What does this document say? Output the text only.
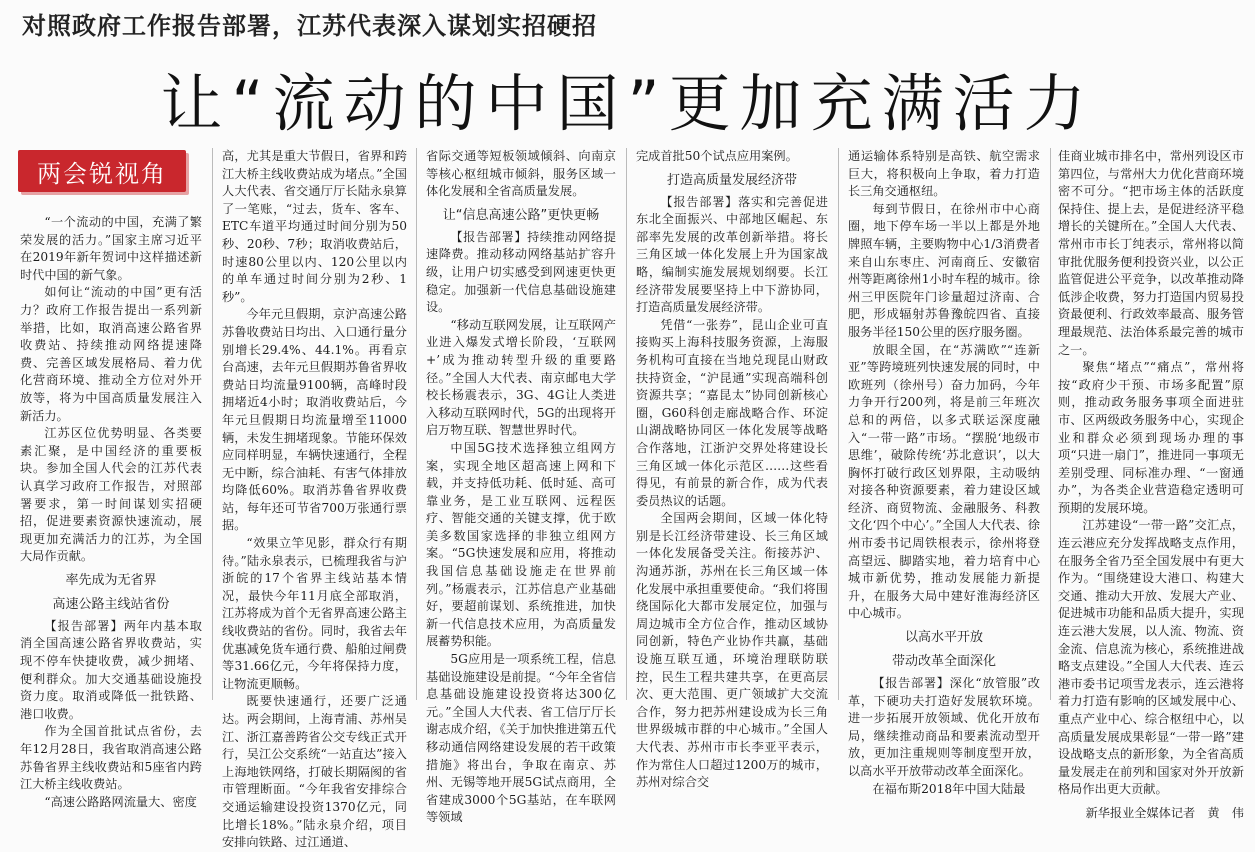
对照政府工作报告部署，江苏代表深入谋划实招硬招
让“流动的中国”更加充满活力
两会锐视角

“一个流动的中国，充满了繁荣发展的活力。”国家主席习近平在2019年新年贺词中这样描述新时代中国的新气象。

如何让“流动的中国”更有活力？政府工作报告提出一系列新举措，比如，取消高速公路省界收费站、持续推动网络提速降费、完善区域发展格局、着力优化营商环境、推动全方位对外开放等，将为中国高质量发展注入新活力。

江苏区位优势明显、各类要素汇聚，是中国经济的重要板块。参加全国人代会的江苏代表认真学习政府工作报告，对照部署要求，第一时间谋划实招硬招，促进要素资源快速流动，展现更加充满活力的江苏，为全国大局作贡献。

率先成为无省界
高速公路主线站省份

【报告部署】两年内基本取消全国高速公路省界收费站，实现不停车快捷收费，减少拥堵、便利群众。加大交通基础设施投资力度。取消或降低一批铁路、港口收费。

作为全国首批试点省份，去年12月28日，我省取消高速公路苏鲁省界主线收费站和5座省内跨江大桥主线收费站。

“高速公路路网流量大、密度

高，尤其是重大节假日，省界和跨江大桥主线收费站成为堵点。”全国人大代表、省交通厅厅长陆永泉算了一笔账，“过去，货车、客车、ETC车道平均通过时间分别为50秒、20秒、7秒；取消收费站后，时速80公里以内、120公里以内的单车通过时间分别为2秒、1秒”。

今年元旦假期，京沪高速公路苏鲁收费站日均出、入口通行量分别增长29.4%、44.1%。再看京台高速，去年元旦假期苏鲁省界收费站日均流量9100辆，高峰时段拥堵近4小时；取消收费站后，今年元旦假期日均流量增至11000辆，未发生拥堵现象。节能环保效应同样明显，车辆快速通行，全程无中断，综合油耗、有害气体排放均降低60%。取消苏鲁省界收费站，每年还可节省700万张通行票据。

“效果立竿见影，群众行有期待。”陆永泉表示，已梳理我省与沪浙皖的17个省界主线站基本情况，最快今年11月底全部取消，江苏将成为首个无省界高速公路主线收费站的省份。同时，我省去年优惠减免货车通行费、船舶过闸费等31.66亿元，今年将保持力度，让物流更顺畅。

既要快速通行，还要广泛通达。两会期间，上海青浦、苏州吴江、浙江嘉善跨省公交专线正式开行，吴江公交系统“一站直达”接入上海地铁网络，打破长期隔阂的省市管理断面。“今年我省安排综合交通运输建设投资1370亿元，同比增长18%。”陆永泉介绍，项目安排向铁路、过江通道、

省际交通等短板领域倾斜、向南京等核心枢纽城市倾斜，服务区域一体化发展和全省高质量发展。

让“信息高速公路”更快更畅

【报告部署】持续推动网络提速降费。推动移动网络基站扩容升级，让用户切实感受到网速更快更稳定。加强新一代信息基础设施建设。

“移动互联网发展，让互联网产业进入爆发式增长阶段，‘互联网+’成为推动转型升级的重要路径。”全国人大代表、南京邮电大学校长杨震表示，3G、4G让人类进入移动互联网时代，5G的出现将开启万物互联、智慧世界时代。

中国5G技术选择独立组网方案，实现全地区超高速上网和下载，并支持低功耗、低时延、高可靠业务，是工业互联网、远程医疗、智能交通的关键支撑，优于欧美多数国家选择的非独立组网方案。“5G快速发展和应用，将推动我国信息基础设施走在世界前列。”杨震表示，江苏信息产业基础好，要超前谋划、系统推进，加快新一代信息技术应用，为高质量发展蓄势积能。

5G应用是一项系统工程，信息基础设施建设是前提。“今年全省信息基础设施建设投资将达300亿元。”全国人大代表、省工信厅厅长谢志成介绍，《关于加快推进第五代移动通信网络建设发展的若干政策措施》将出台，争取在南京、苏州、无锡等地开展5G试点商用，全省建成3000个5G基站，在车联网等领域

完成首批50个试点应用案例。

打造高质量发展经济带

【报告部署】落实和完善促进东北全面振兴、中部地区崛起、东部率先发展的改革创新举措。将长三角区域一体化发展上升为国家战略，编制实施发展规划纲要。长江经济带发展要坚持上中下游协同，打造高质量发展经济带。

凭借“一张券”，昆山企业可直接购买上海科技服务资源，上海服务机构可直接在当地兑现昆山财政扶持资金，“沪昆通”实现高端科创资源共享；“嘉昆太”协同创新核心圈，G60科创走廊战略合作、环淀山湖战略协同区一体化发展等战略合作落地，江浙沪交界处将建设长三角区域一体化示范区……这些看得见，有前景的新合作，成为代表委员热议的话题。

全国两会期间，区域一体化特别是长江经济带建设、长三角区域一体化发展备受关注。衔接苏沪、沟通苏浙，苏州在长三角区域一体化发展中承担重要使命。“我们将围绕国际化大都市发展定位，加强与周边城市全方位合作，推动区域协同创新，特色产业协作共赢，基础设施互联互通，环境治理联防联控，民生工程共建共享，在更高层次、更大范围、更广领域扩大交流合作，努力把苏州建设成为长三角世界级城市群的中心城市。”全国人大代表、苏州市市长李亚平表示，作为常住人口超过1200万的城市，苏州对综合交

通运输体系特别是高铁、航空需求巨大，将积极向上争取，着力打造长三角交通枢纽。

每到节假日，在徐州市中心商圈，地下停车场一半以上都是外地牌照车辆，主要购物中心1/3消费者来自山东枣庄、河南商丘、安徽宿州等距离徐州1小时车程的城市。徐州三甲医院年门诊量超过济南、合肥，形成辐射苏鲁豫皖四省、直接服务半径150公里的医疗服务圈。

放眼全国，在“苏满欧”“连新亚”等跨境班列快速发展的同时，中欧班列（徐州号）奋力加码，今年力争开行200列，将是前三年班次总和的两倍，以多式联运深度融入“一带一路”市场。“摆脱‘地级市思维’，破除传统‘苏北意识’，以大胸怀打破行政区划界限，主动吸纳对接各种资源要素，着力建设区域经济、商贸物流、金融服务、科教文化‘四个中心’。”全国人大代表、徐州市委书记周铁根表示，徐州将登高望远、脚踏实地，着力培育中心城市新优势，推动发展能力新提升，在服务大局中建好淮海经济区中心城市。

以高水平开放
带动改革全面深化

【报告部署】深化“放管服”改革，下硬功夫打造好发展软环境。进一步拓展开放领域、优化开放布局，继续推动商品和要素流动型开放，更加注重规则等制度型开放，以高水平开放带动改革全面深化。

在福布斯2018年中国大陆最

佳商业城市排名中，常州列设区市第四位，与常州大力优化营商环境密不可分。“把市场主体的活跃度保持住、提上去，是促进经济平稳增长的关键所在。”全国人大代表、常州市市长丁纯表示，常州将以简审批优服务便利投资兴业，以公正监管促进公平竞争，以改革推动降低涉企收费，努力打造国内贸易投资最便利、行政效率最高、服务管理最规范、法治体系最完善的城市之一。

聚焦“堵点”“痛点”，常州将按“政府少干预、市场多配置”原则，推动政务服务事项全面进驻市、区两级政务服务中心，实现企业和群众必须到现场办理的事项“只进一扇门”，推进同一事项无差别受理、同标准办理、“一窗通办”，为各类企业营造稳定透明可预期的发展环境。

江苏建设“一带一路”交汇点，连云港应充分发挥战略支点作用，在服务全省乃至全国发展中有更大作为。“围绕建设大港口、构建大交通、推动大开放、发展大产业、促进城市功能和品质大提升，实现连云港大发展，以人流、物流、资金流、信息流为核心，系统推进战略支点建设。”全国人大代表、连云港市委书记项雪龙表示，连云港将着力打造有影响的区域发展中心、重点产业中心、综合枢纽中心，以高质量发展成果彰显“一带一路”建设战略支点的新形象，为全省高质量发展走在前列和国家对外开放新格局作出更大贡献。

新华报业全媒体记者　黄　伟
